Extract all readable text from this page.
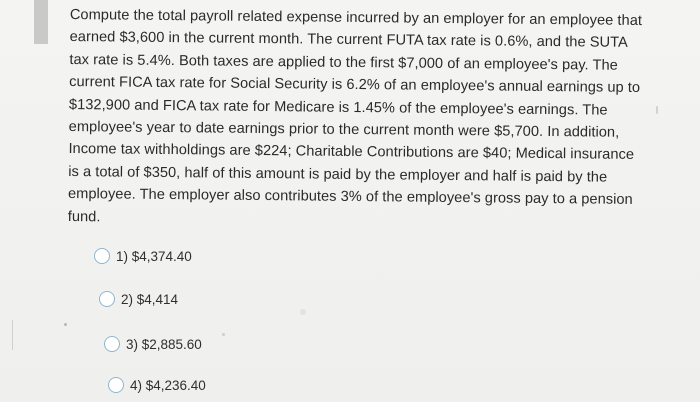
Compute the total payroll related expense incurred by an employer for an employee that earned $3,600 in the current month. The current FUTA tax rate is 0.6%, and the SUTA tax rate is 5.4%. Both taxes are applied to the first $7,000 of an employee's pay. The current FICA tax rate for Social Security is 6.2% of an employee's annual earnings up to $132,900 and FICA tax rate for Medicare is 1.45% of the employee's earnings. The employee's year to date earnings prior to the current month were $5,700. In addition, Income tax withholdings are $224; Charitable Contributions are $40; Medical insurance is a total of $350, half of this amount is paid by the employer and half is paid by the employee. The employer also contributes 3% of the employee's gross pay to a pension fund.

1) $4,374.40
2) $4,414
3) $2,885.60
4) $4,236.40
